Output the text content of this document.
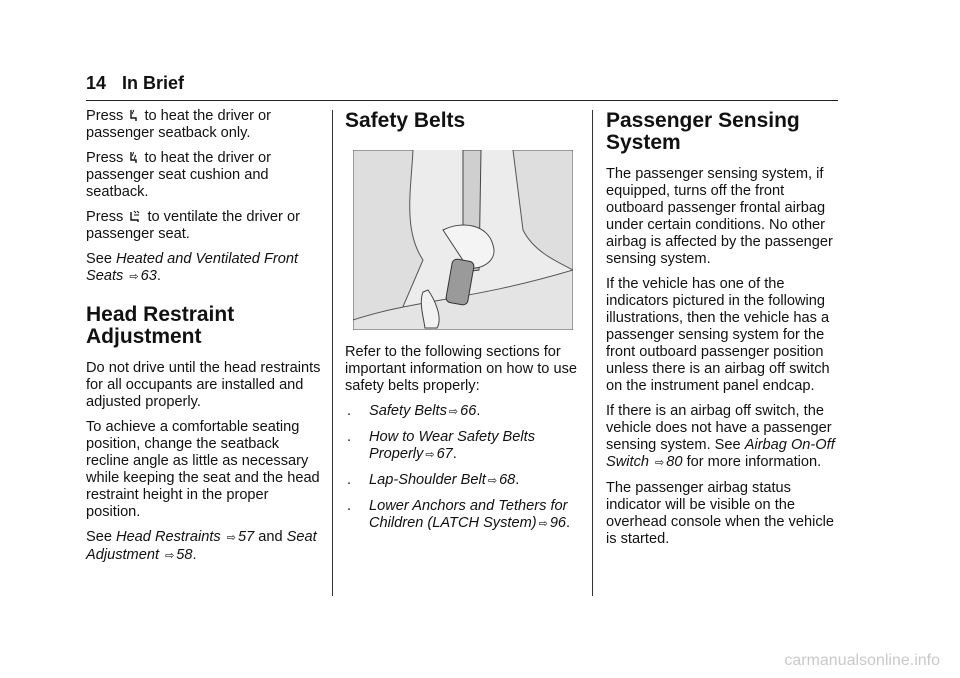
14 In Brief

Press to heat the driver or passenger seatback only.

Press to heat the driver or passenger seat cushion and seatback.

Press to ventilate the driver or passenger seat.

See Heated and Ventilated Front Seats ⇨ 63.

Head Restraint Adjustment

Do not drive until the head restraints for all occupants are installed and adjusted properly.

To achieve a comfortable seating position, change the seatback recline angle as little as necessary while keeping the seat and the head restraint height in the proper position.

See Head Restraints ⇨ 57 and Seat Adjustment ⇨ 58.

Safety Belts

Refer to the following sections for important information on how to use safety belts properly:

.	Safety Belts ⇨ 66.
.	How to Wear Safety Belts Properly ⇨ 67.
.	Lap-Shoulder Belt ⇨ 68.
.	Lower Anchors and Tethers for Children (LATCH System) ⇨ 96.
Passenger Sensing System

The passenger sensing system, if equipped, turns off the front outboard passenger frontal airbag under certain conditions. No other airbag is affected by the passenger sensing system.

If the vehicle has one of the indicators pictured in the following illustrations, then the vehicle has a passenger sensing system for the front outboard passenger position unless there is an airbag off switch on the instrument panel endcap.

If there is an airbag off switch, the vehicle does not have a passenger sensing system. See Airbag On-Off Switch ⇨ 80 for more information.

The passenger airbag status indicator will be visible on the overhead console when the vehicle is started.

carmanualsonline.info
